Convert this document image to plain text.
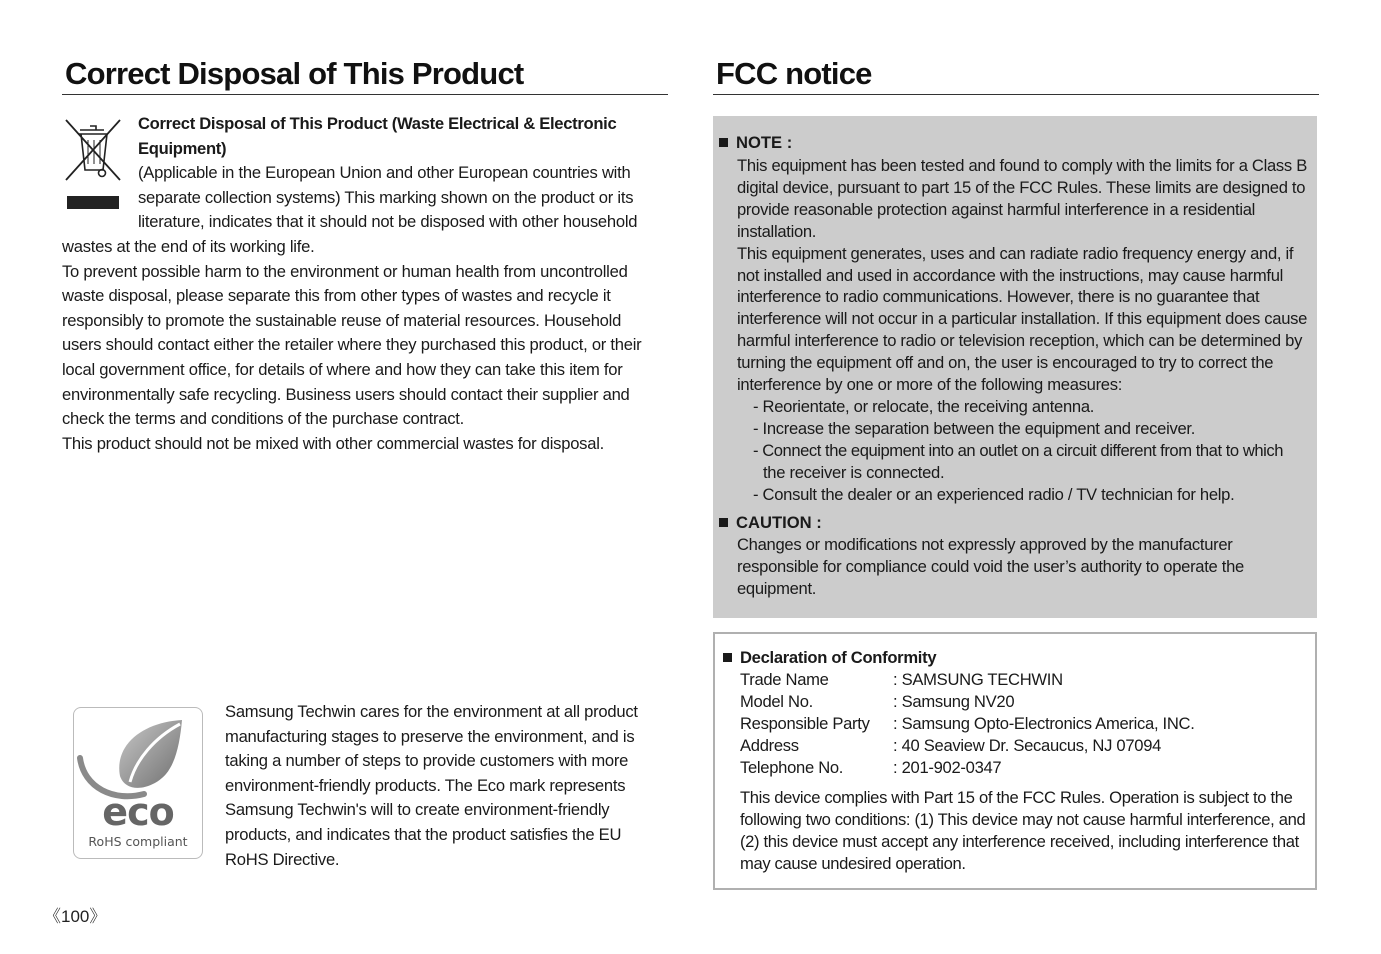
Correct Disposal of This Product
Correct Disposal of This Product (Waste Electrical & Electronic Equipment)
(Applicable in the European Union and other European countries with separate collection systems) This marking shown on the product or its literature, indicates that it should not be disposed with other household
wastes at the end of its working life.
To prevent possible harm to the environment or human health from uncontrolled waste disposal, please separate this from other types of wastes and recycle it responsibly to promote the sustainable reuse of material resources. Household users should contact either the retailer where they purchased this product, or their local government office, for details of where and how they can take this item for environmentally safe recycling. Business users should contact their supplier and check the terms and conditions of the purchase contract.
This product should not be mixed with other commercial wastes for disposal.
eco
RoHS compliant
Samsung Techwin cares for the environment at all product manufacturing stages to preserve the environment, and is taking a number of steps to provide customers with more environment-friendly products. The Eco mark represents Samsung Techwin's will to create environment-friendly products, and indicates that the product satisfies the EU RoHS Directive.
《100》
FCC notice
NOTE :
This equipment has been tested and found to comply with the limits for a Class B digital device, pursuant to part 15 of the FCC Rules. These limits are designed to provide reasonable protection against harmful interference in a residential installation.
This equipment generates, uses and can radiate radio frequency energy and, if not installed and used in accordance with the instructions, may cause harmful interference to radio communications. However, there is no guarantee that interference will not occur in a particular installation. If this equipment does cause harmful interference to radio or television reception, which can be determined by turning the equipment off and on, the user is encouraged to try to correct the interference by one or more of the following measures:
- Reorientate, or relocate, the receiving antenna.
- Increase the separation between the equipment and receiver.
- Connect the equipment into an outlet on a circuit different from that to which
the receiver is connected.
- Consult the dealer or an experienced radio / TV technician for help.
CAUTION :
Changes or modifications not expressly approved by the manufacturer responsible for compliance could void the user’s authority to operate the equipment.
Declaration of Conformity
Trade Name	: SAMSUNG TECHWIN
Model No.	: Samsung NV20
Responsible Party	: Samsung Opto-Electronics America, INC.
Address	: 40 Seaview Dr. Secaucus, NJ 07094
Telephone No.	: 201-902-0347
This device complies with Part 15 of the FCC Rules. Operation is subject to the following two conditions: (1) This device may not cause harmful interference, and (2) this device must accept any interference received, including interference that may cause undesired operation.
